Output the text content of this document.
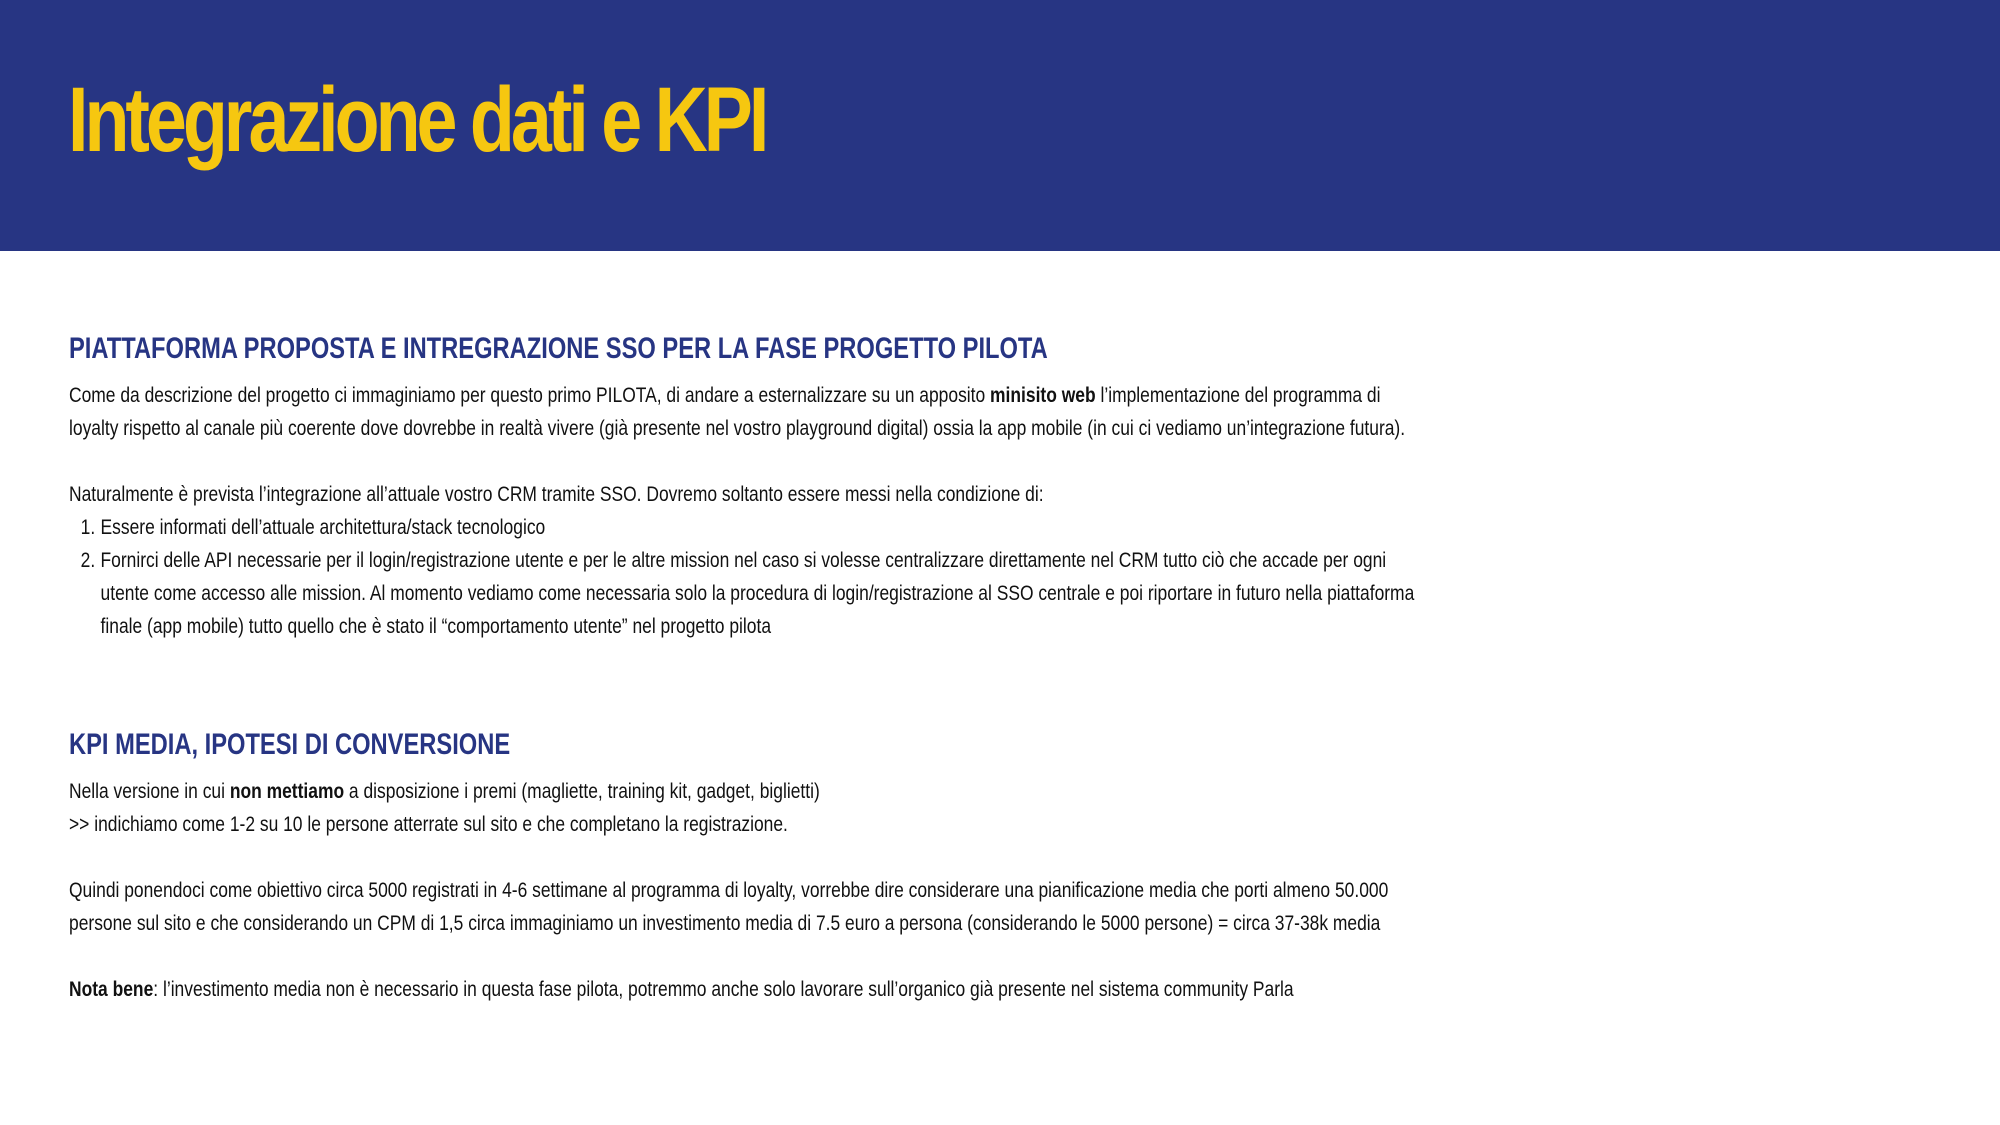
Integrazione dati e KPI
PIATTAFORMA PROPOSTA E INTREGRAZIONE SSO PER LA FASE PROGETTO PILOTA

Come da descrizione del progetto ci immaginiamo per questo primo PILOTA, di andare a esternalizzare su un apposito minisito web l’implementazione del programma di

loyalty rispetto al canale più coerente dove dovrebbe in realtà vivere (già presente nel vostro playground digital) ossia la app mobile (in cui ci vediamo un’integrazione futura).

Naturalmente è prevista l’integrazione all’attuale vostro CRM tramite SSO. Dovremo soltanto essere messi nella condizione di:

1. Essere informati dell’attuale architettura/stack tecnologico
2. Fornirci delle API necessarie per il login/registrazione utente e per le altre mission nel caso si volesse centralizzare direttamente nel CRM tutto ciò che accade per ogni
utente come accesso alle mission. Al momento vediamo come necessaria solo la procedura di login/registrazione al SSO centrale e poi riportare in futuro nella piattaforma
finale (app mobile) tutto quello che è stato il “comportamento utente” nel progetto pilota
KPI MEDIA, IPOTESI DI CONVERSIONE

Nella versione in cui non mettiamo a disposizione i premi (magliette, training kit, gadget, biglietti)

>> indichiamo come 1-2 su 10 le persone atterrate sul sito e che completano la registrazione.

Quindi ponendoci come obiettivo circa 5000 registrati in 4-6 settimane al programma di loyalty, vorrebbe dire considerare una pianificazione media che porti almeno 50.000

persone sul sito e che considerando un CPM di 1,5 circa immaginiamo un investimento media di 7.5 euro a persona (considerando le 5000 persone) = circa 37-38k media

Nota bene: l’investimento media non è necessario in questa fase pilota, potremmo anche solo lavorare sull’organico già presente nel sistema community Parla
